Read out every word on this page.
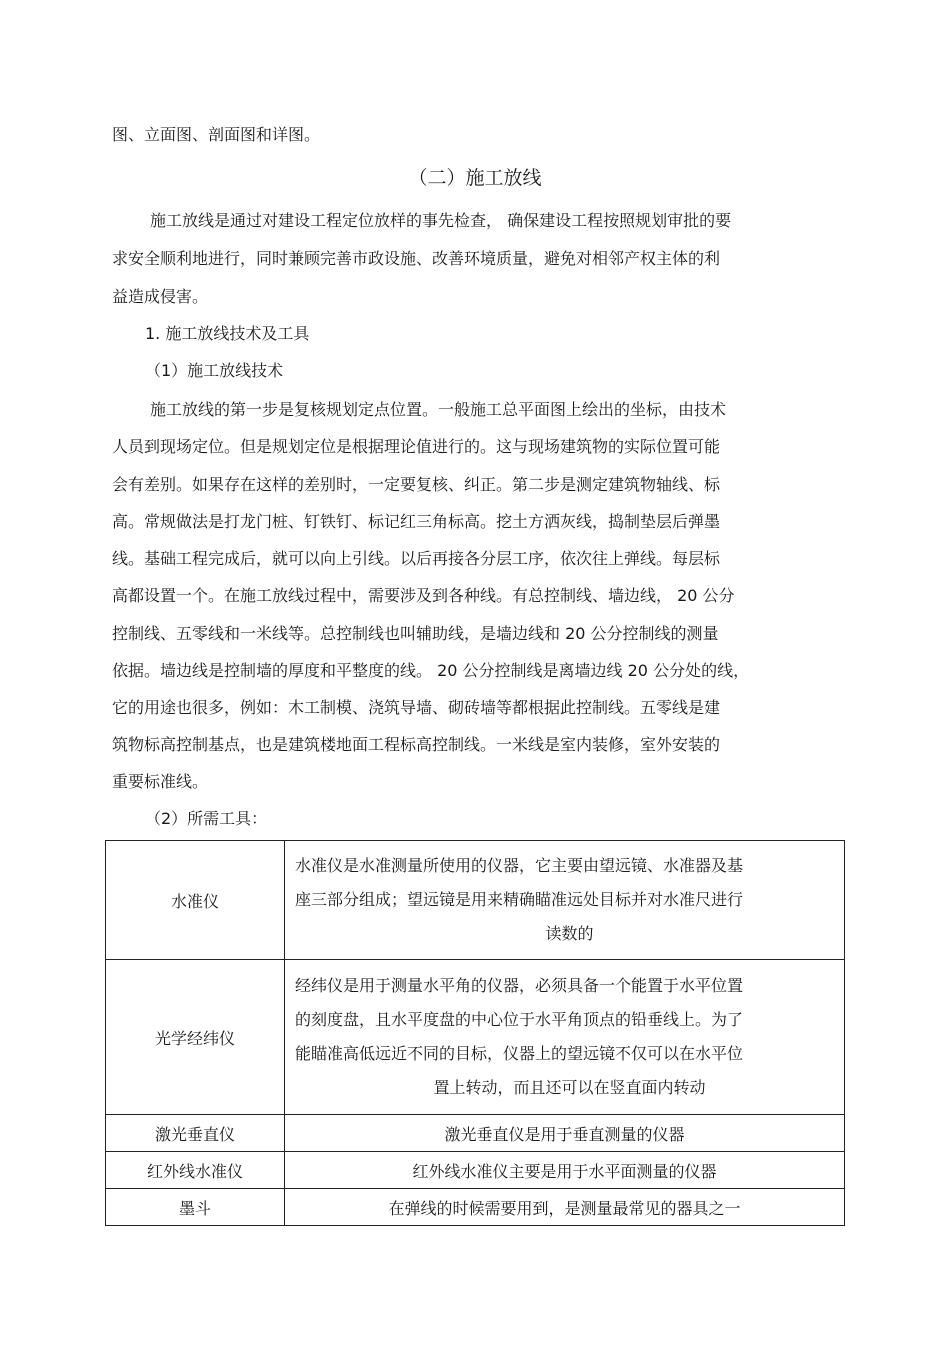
图、立面图、剖面图和详图。
（二）施工放线
施工放线是通过对建设工程定位放样的事先检查， 确保建设工程按照规划审批的要
求安全顺利地进行，同时兼顾完善市政设施、改善环境质量，避免对相邻产权主体的利
益造成侵害。
1. 施工放线技术及工具
（1）施工放线技术
施工放线的第一步是复核规划定点位置。一般施工总平面图上绘出的坐标，由技术
人员到现场定位。但是规划定位是根据理论值进行的。这与现场建筑物的实际位置可能
会有差别。如果存在这样的差别时，一定要复核、纠正。第二步是测定建筑物轴线、标
高。常规做法是打龙门桩、钉铁钉、标记红三角标高。挖土方洒灰线，捣制垫层后弹墨
线。基础工程完成后，就可以向上引线。以后再接各分层工序，依次往上弹线。每层标
高都设置一个。在施工放线过程中，需要涉及到各种线。有总控制线、墙边线， 20 公分
控制线、五零线和一米线等。总控制线也叫辅助线，是墙边线和 20 公分控制线的测量
依据。墙边线是控制墙的厚度和平整度的线。 20 公分控制线是离墙边线 20 公分处的线，
它的用途也很多，例如：木工制模、浇筑导墙、砌砖墙等都根据此控制线。五零线是建
筑物标高控制基点，也是建筑楼地面工程标高控制线。一米线是室内装修，室外安装的
重要标准线。
（2）所需工具：
水准仪	水准仪是水准测量所使用的仪器，它主要由望远镜、水准器及基
座三部分组成；望远镜是用来精确瞄准远处目标并对水准尺进行
读数的

光学经纬仪	经纬仪是用于测量水平角的仪器，必须具备一个能置于水平位置
的刻度盘，且水平度盘的中心位于水平角顶点的铅垂线上。为了
能瞄准高低远近不同的目标，仪器上的望远镜不仅可以在水平位
置上转动，而且还可以在竖直面内转动

激光垂直仪	激光垂直仪是用于垂直测量的仪器
红外线水准仪	红外线水准仪主要是用于水平面测量的仪器
墨斗	在弹线的时候需要用到，是测量最常见的器具之一
